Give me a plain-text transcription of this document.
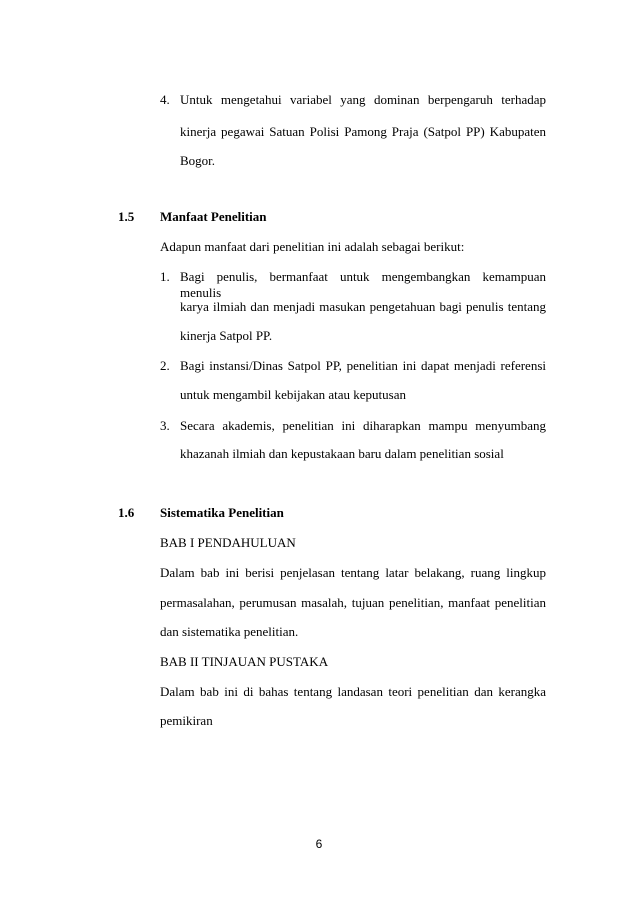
4. Untuk mengetahui variabel yang dominan berpengaruh terhadap
kinerja pegawai Satuan Polisi Pamong Praja (Satpol PP) Kabupaten
Bogor.
1.5 Manfaat Penelitian
Adapun manfaat dari penelitian ini adalah sebagai berikut:
1. Bagi penulis, bermanfaat untuk mengembangkan kemampuan menulis
karya ilmiah dan menjadi masukan pengetahuan bagi penulis tentang
kinerja Satpol PP.
2. Bagi instansi/Dinas Satpol PP, penelitian ini dapat menjadi referensi
untuk mengambil kebijakan atau keputusan
3. Secara akademis, penelitian ini diharapkan mampu menyumbang
khazanah ilmiah dan kepustakaan baru dalam penelitian sosial
1.6 Sistematika Penelitian
BAB I PENDAHULUAN
Dalam bab ini berisi penjelasan tentang latar belakang, ruang lingkup
permasalahan, perumusan masalah, tujuan penelitian, manfaat penelitian
dan sistematika penelitian.
BAB II TINJAUAN PUSTAKA
Dalam bab ini di bahas tentang landasan teori penelitian dan kerangka
pemikiran
6
